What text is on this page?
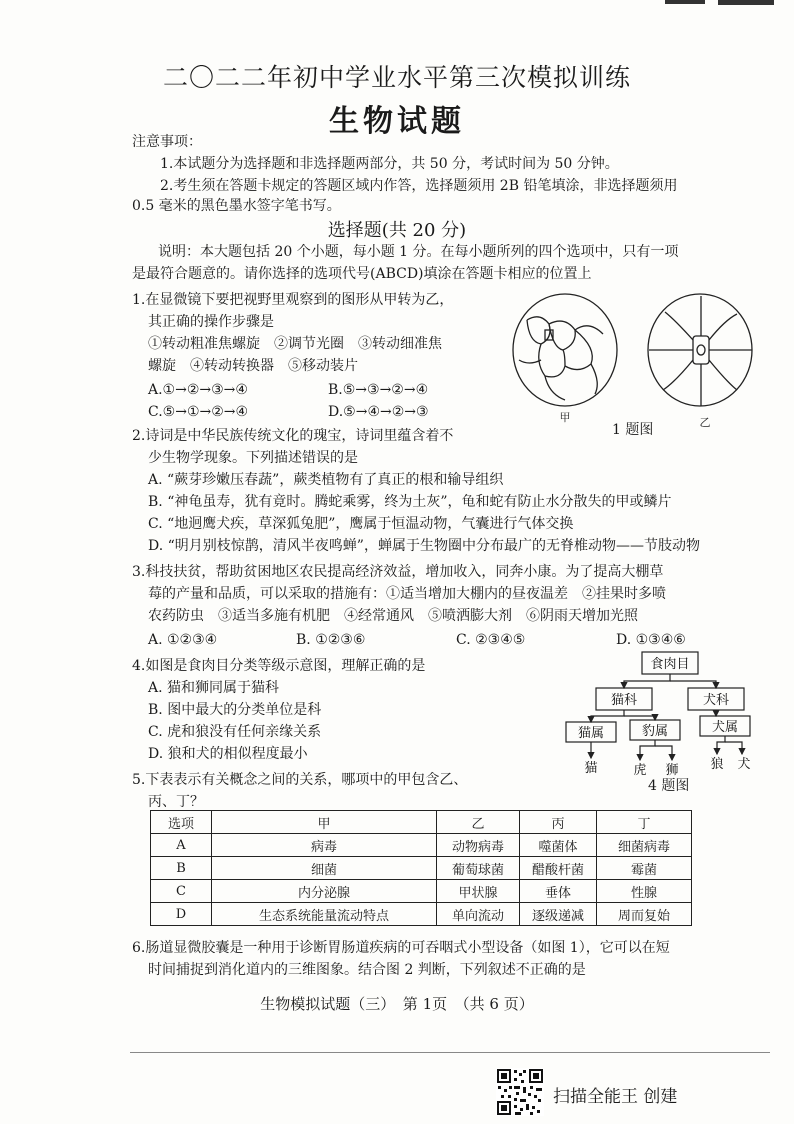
二〇二二年初中学业水平第三次模拟训练
生物试题
注意事项：
1.本试题分为选择题和非选择题两部分，共 50 分，考试时间为 50 分钟。
2.考生须在答题卡规定的答题区域内作答，选择题须用 2B 铅笔填涂，非选择题须用
0.5 毫米的黑色墨水签字笔书写。
选择题(共 20 分)
说明：本大题包括 20 个小题，每小题 1 分。在每小题所列的四个选项中，只有一项
是最符合题意的。请你选择的选项代号(ABCD)填涂在答题卡相应的位置上
1.在显微镜下要把视野里观察到的图形从甲转为乙，
其正确的操作步骤是
①转动粗准焦螺旋　②调节光圈　③转动细准焦
螺旋　④转动转换器　⑤移动装片
A.①→②→③→④	B.⑤→③→②→④
C.⑤→①→②→④	D.⑤→④→②→③	甲	乙
1 题图
2.诗词是中华民族传统文化的瑰宝，诗词里蕴含着不
少生物学现象。下列描述错误的是
A. “蕨芽珍嫩压春蔬”，蕨类植物有了真正的根和输导组织
B. “神龟虽寿，犹有竟时。腾蛇乘雾，终为土灰”，龟和蛇有防止水分散失的甲或鳞片
C. “地迥鹰犬疾，草深狐兔肥”，鹰属于恒温动物，气囊进行气体交换
D. “明月别枝惊鹊，清风半夜鸣蝉”，蝉属于生物圈中分布最广的无脊椎动物——节肢动物
3.科技扶贫，帮助贫困地区农民提高经济效益，增加收入，同奔小康。为了提高大棚草
莓的产量和品质，可以采取的措施有：①适当增加大棚内的昼夜温差　②挂果时多喷
农药防虫　③适当多施有机肥　④经常通风　⑤喷洒膨大剂　⑥阴雨天增加光照
A. ①②③④	B. ①②③⑥	C. ②③④⑤	D. ①③④⑥
4.如图是食肉目分类等级示意图，理解正确的是
A. 猫和狮同属于猫科
B. 图中最大的分类单位是科
C. 虎和狼没有任何亲缘关系
D. 狼和犬的相似程度最小
食肉目
猫科	犬科
猫属	豹属	犬属
猫	虎 狮 狼 犬
4 题图
5.下表表示有关概念之间的关系，哪项中的甲包含乙、
丙、丁？
选项	甲	乙	丙	丁
A	病毒	动物病毒	噬菌体	细菌病毒
B	细菌	葡萄球菌	醋酸杆菌	霉菌
C	内分泌腺	甲状腺	垂体	性腺
D	生态系统能量流动特点	单向流动	逐级递减	周而复始
6.肠道显微胶囊是一种用于诊断胃肠道疾病的可吞咽式小型设备（如图 1），它可以在短
时间捕捉到消化道内的三维图象。结合图 2 判断，下列叙述不正确的是
生物模拟试题（三）　第 1页　（共 6 页）
扫描全能王 创建
